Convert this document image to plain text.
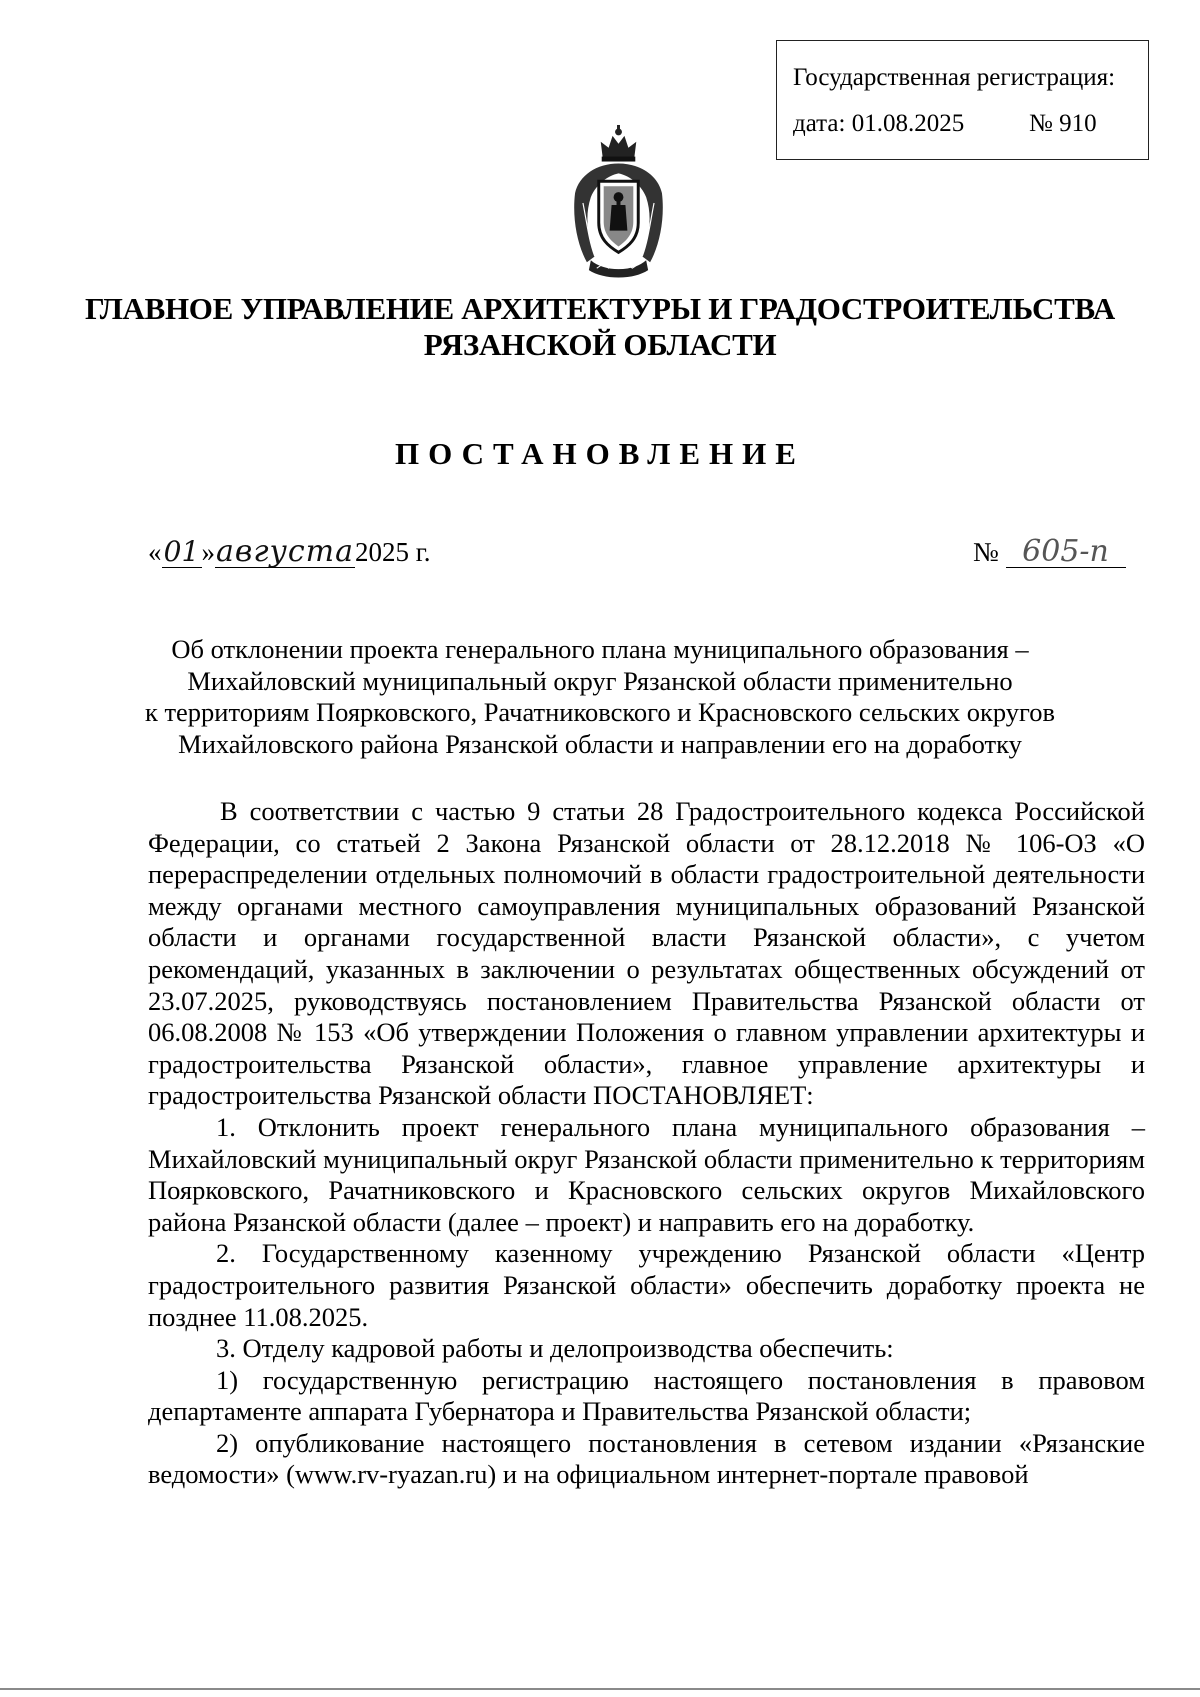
Государственная регистрация:
дата: 01.08.2025	№ 910
ГЛАВНОЕ УПРАВЛЕНИЕ АРХИТЕКТУРЫ И ГРАДОСТРОИТЕЛЬСТВА
РЯЗАНСКОЙ ОБЛАСТИ
ПОСТАНОВЛЕНИЕ
«01»августа2025 г.	№ 605-п
Об отклонении проекта генерального плана муниципального образования –
Михайловский муниципальный округ Рязанской области применительно
к территориям Поярковского, Рачатниковского и Красновского сельских округов
Михайловского района Рязанской области и направлении его на доработку

В соответствии с частью 9 статьи 28 Градостроительного кодекса Российской Федерации, со статьей 2 Закона Рязанской области от 28.12.2018 № 106-ОЗ «О перераспределении отдельных полномочий в области градостроительной деятельности между органами местного самоуправления муниципальных образований Рязанской области и органами государственной власти Рязанской области», с учетом рекомендаций, указанных в заключении о результатах общественных обсуждений от 23.07.2025, руководствуясь постановлением Правительства Рязанской области от 06.08.2008 № 153 «Об утверждении Положения о главном управлении архитектуры и градостроительства Рязанской области», главное управление архитектуры и градостроительства Рязанской области ПОСТАНОВЛЯЕТ:

1. Отклонить проект генерального плана муниципального образования – Михайловский муниципальный округ Рязанской области применительно к территориям Поярковского, Рачатниковского и Красновского сельских округов Михайловского района Рязанской области (далее – проект) и направить его на доработку.

2. Государственному казенному учреждению Рязанской области «Центр градостроительного развития Рязанской области» обеспечить доработку проекта не позднее 11.08.2025.

3. Отделу кадровой работы и делопроизводства обеспечить:

1) государственную регистрацию настоящего постановления в правовом департаменте аппарата Губернатора и Правительства Рязанской области;

2) опубликование настоящего постановления в сетевом издании «Рязанские ведомости» (www.rv-ryazan.ru) и на официальном интернет-портале правовой
